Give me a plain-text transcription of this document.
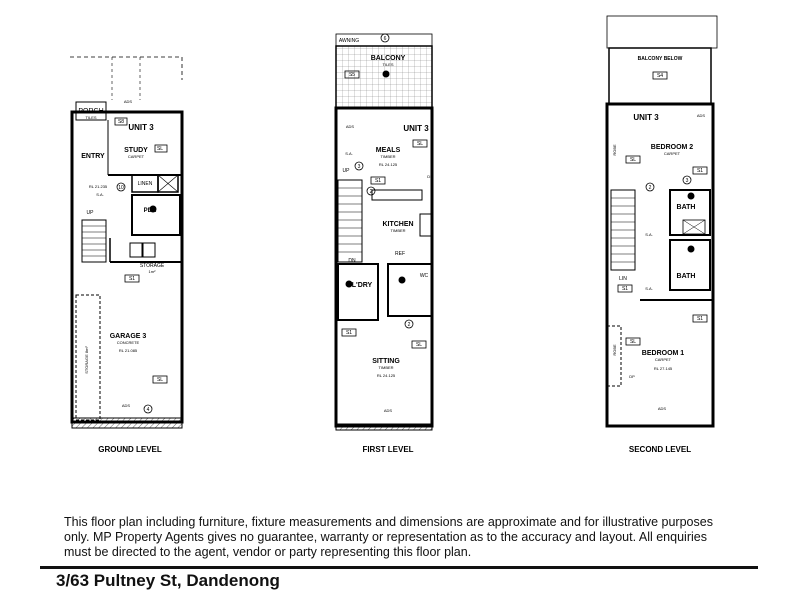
PORCH
TILES
UNIT 3
STUDY
CARPET
ENTRY
LINEN
PDR
STORAGE
1m²
GARAGE 3
CONCRETE
RL 21.085
RL 21.235
STORAGE 8m³
UP
SL
S1
SL
S8
S.A.
10
4
ADS
ADS
GROUND LEVEL
AWNING
BALCONY
TILES
UNIT 3
MEALS
TIMBER
RL 24.125
KITCHEN
TIMBER
REF
L'DRY
SITTING
TIMBER
RL 24.125
UP
DN
DP
SL
SL
S1
S1
S5
S.A.
WC
2
2
3
6
ADS
ADS
FIRST LEVEL
BALCONY BELOW
UNIT 3
BEDROOM 2
CARPET
BATH
BATH
BEDROOM 1
CARPET
RL 27.145
ROBE
ROBE
LIN
SL
SL
S1
S1
S1
S4
S.A.
S.A.
DP
2
3
ADS
ADS
SECOND LEVEL
This floor plan including furniture, fixture measurements and dimensions are approximate and for illustrative purposes only. MP Property Agents gives no guarantee, warranty or representation as to the accuracy and layout. All enquiries must be directed to the agent, vendor or party representing this floor plan.
3/63 Pultney St, Dandenong
